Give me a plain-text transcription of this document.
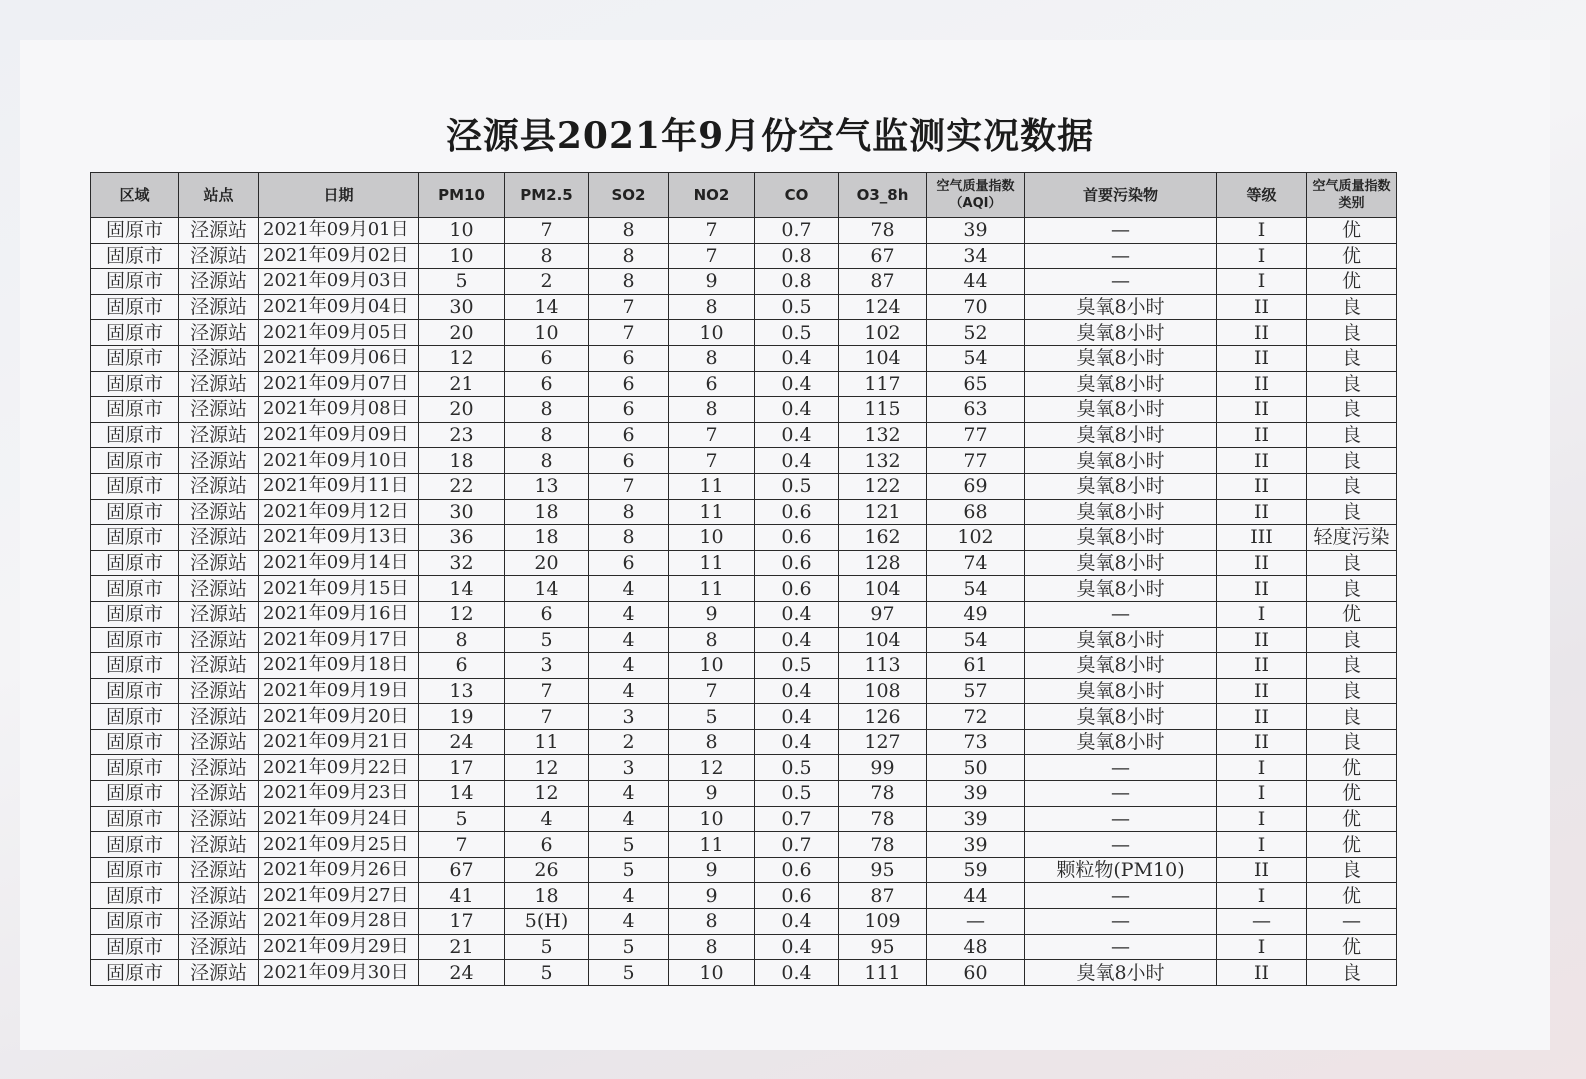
泾源县2021年9月份空气监测实况数据
区域	站点	日期	PM10	PM2.5	SO2	NO2	CO	O3_8h	空气质量指数（AQI）	首要污染物	等级	空气质量指数类别
固原市	泾源站	2021年09月01日	10	7	8	7	0.7	78	39	—	I	优
固原市	泾源站	2021年09月02日	10	8	8	7	0.8	67	34	—	I	优
固原市	泾源站	2021年09月03日	5	2	8	9	0.8	87	44	—	I	优
固原市	泾源站	2021年09月04日	30	14	7	8	0.5	124	70	臭氧8小时	II	良
固原市	泾源站	2021年09月05日	20	10	7	10	0.5	102	52	臭氧8小时	II	良
固原市	泾源站	2021年09月06日	12	6	6	8	0.4	104	54	臭氧8小时	II	良
固原市	泾源站	2021年09月07日	21	6	6	6	0.4	117	65	臭氧8小时	II	良
固原市	泾源站	2021年09月08日	20	8	6	8	0.4	115	63	臭氧8小时	II	良
固原市	泾源站	2021年09月09日	23	8	6	7	0.4	132	77	臭氧8小时	II	良
固原市	泾源站	2021年09月10日	18	8	6	7	0.4	132	77	臭氧8小时	II	良
固原市	泾源站	2021年09月11日	22	13	7	11	0.5	122	69	臭氧8小时	II	良
固原市	泾源站	2021年09月12日	30	18	8	11	0.6	121	68	臭氧8小时	II	良
固原市	泾源站	2021年09月13日	36	18	8	10	0.6	162	102	臭氧8小时	III	轻度污染
固原市	泾源站	2021年09月14日	32	20	6	11	0.6	128	74	臭氧8小时	II	良
固原市	泾源站	2021年09月15日	14	14	4	11	0.6	104	54	臭氧8小时	II	良
固原市	泾源站	2021年09月16日	12	6	4	9	0.4	97	49	—	I	优
固原市	泾源站	2021年09月17日	8	5	4	8	0.4	104	54	臭氧8小时	II	良
固原市	泾源站	2021年09月18日	6	3	4	10	0.5	113	61	臭氧8小时	II	良
固原市	泾源站	2021年09月19日	13	7	4	7	0.4	108	57	臭氧8小时	II	良
固原市	泾源站	2021年09月20日	19	7	3	5	0.4	126	72	臭氧8小时	II	良
固原市	泾源站	2021年09月21日	24	11	2	8	0.4	127	73	臭氧8小时	II	良
固原市	泾源站	2021年09月22日	17	12	3	12	0.5	99	50	—	I	优
固原市	泾源站	2021年09月23日	14	12	4	9	0.5	78	39	—	I	优
固原市	泾源站	2021年09月24日	5	4	4	10	0.7	78	39	—	I	优
固原市	泾源站	2021年09月25日	7	6	5	11	0.7	78	39	—	I	优
固原市	泾源站	2021年09月26日	67	26	5	9	0.6	95	59	颗粒物(PM10)	II	良
固原市	泾源站	2021年09月27日	41	18	4	9	0.6	87	44	—	I	优
固原市	泾源站	2021年09月28日	17	5(H)	4	8	0.4	109	—	—	—	—
固原市	泾源站	2021年09月29日	21	5	5	8	0.4	95	48	—	I	优
固原市	泾源站	2021年09月30日	24	5	5	10	0.4	111	60	臭氧8小时	II	良
